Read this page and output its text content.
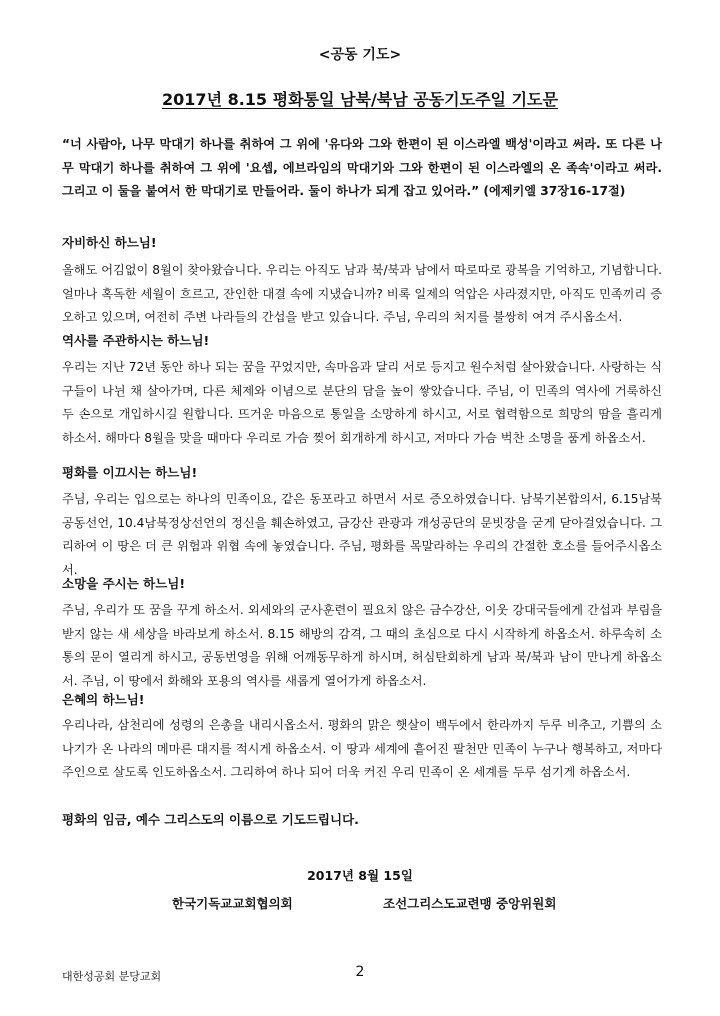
<공동 기도>
2017년 8.15 평화통일 남북/북남 공동기도주일 기도문
“너 사람아, 나무 막대기 하나를 취하여 그 위에 '유다와 그와 한편이 된 이스라엘 백성'이라고 써라. 또 다른 나무 막대기 하나를 취하여 그 위에 '요셉, 에브라임의 막대기와 그와 한편이 된 이스라엘의 온 족속'이라고 써라. 그리고 이 둘을 붙여서 한 막대기로 만들어라. 둘이 하나가 되게 잡고 있어라.” (에제키엘 37장16-17절)
자비하신 하느님!
올해도 어김없이 8월이 찾아왔습니다. 우리는 아직도 남과 북/북과 남에서 따로따로 광복을 기억하고, 기념합니다. 얼마나 혹독한 세월이 흐르고, 잔인한 대결 속에 지냈습니까? 비록 일제의 억압은 사라졌지만, 아직도 민족끼리 증오하고 있으며, 여전히 주변 나라들의 간섭을 받고 있습니다. 주님, 우리의 처지를 불쌍히 여겨 주시옵소서.
역사를 주관하시는 하느님!
우리는 지난 72년 동안 하나 되는 꿈을 꾸었지만, 속마음과 달리 서로 등지고 원수처럼 살아왔습니다. 사랑하는 식구들이 나뉜 채 살아가며, 다른 체제와 이념으로 분단의 담을 높이 쌓았습니다. 주님, 이 민족의 역사에 거룩하신 두 손으로 개입하시길 원합니다. 뜨거운 마음으로 통일을 소망하게 하시고, 서로 협력함으로 희망의 땀을 흘리게 하소서. 해마다 8월을 맞을 때마다 우리로 가슴 찢어 회개하게 하시고, 저마다 가슴 벅찬 소명을 품게 하옵소서.
평화를 이끄시는 하느님!
주님, 우리는 입으로는 하나의 민족이요, 같은 동포라고 하면서 서로 증오하였습니다. 남북기본합의서, 6.15남북공동선언, 10.4남북정상선언의 정신을 훼손하였고, 금강산 관광과 개성공단의 문빗장을 굳게 닫아걸었습니다. 그리하여 이 땅은 더 큰 위험과 위협 속에 놓였습니다. 주님, 평화를 목말라하는 우리의 간절한 호소를 들어주시옵소서.
소망을 주시는 하느님!
주님, 우리가 또 꿈을 꾸게 하소서. 외세와의 군사훈련이 필요치 않은 금수강산, 이웃 강대국들에게 간섭과 부림을 받지 않는 새 세상을 바라보게 하소서. 8.15 해방의 감격, 그 때의 초심으로 다시 시작하게 하옵소서. 하루속히 소통의 문이 열리게 하시고, 공동번영을 위해 어깨동무하게 하시며, 허심탄회하게 남과 북/북과 남이 만나게 하옵소서. 주님, 이 땅에서 화해와 포용의 역사를 새롭게 열어가게 하옵소서.
은혜의 하느님!
우리나라, 삼천리에 성령의 은총을 내리시옵소서. 평화의 맑은 햇살이 백두에서 한라까지 두루 비추고, 기쁨의 소나기가 온 나라의 메마른 대지를 적시게 하옵소서. 이 땅과 세계에 흩어진 팔천만 민족이 누구나 행복하고, 저마다 주인으로 살도록 인도하옵소서. 그리하여 하나 되어 더욱 커진 우리 민족이 온 세계를 두루 섬기게 하옵소서.
평화의 임금, 예수 그리스도의 이름으로 기도드립니다.
2017년 8월 15일
한국기독교교회협의회	조선그리스도교련맹 중앙위원회
대한성공회 분당교회	2
